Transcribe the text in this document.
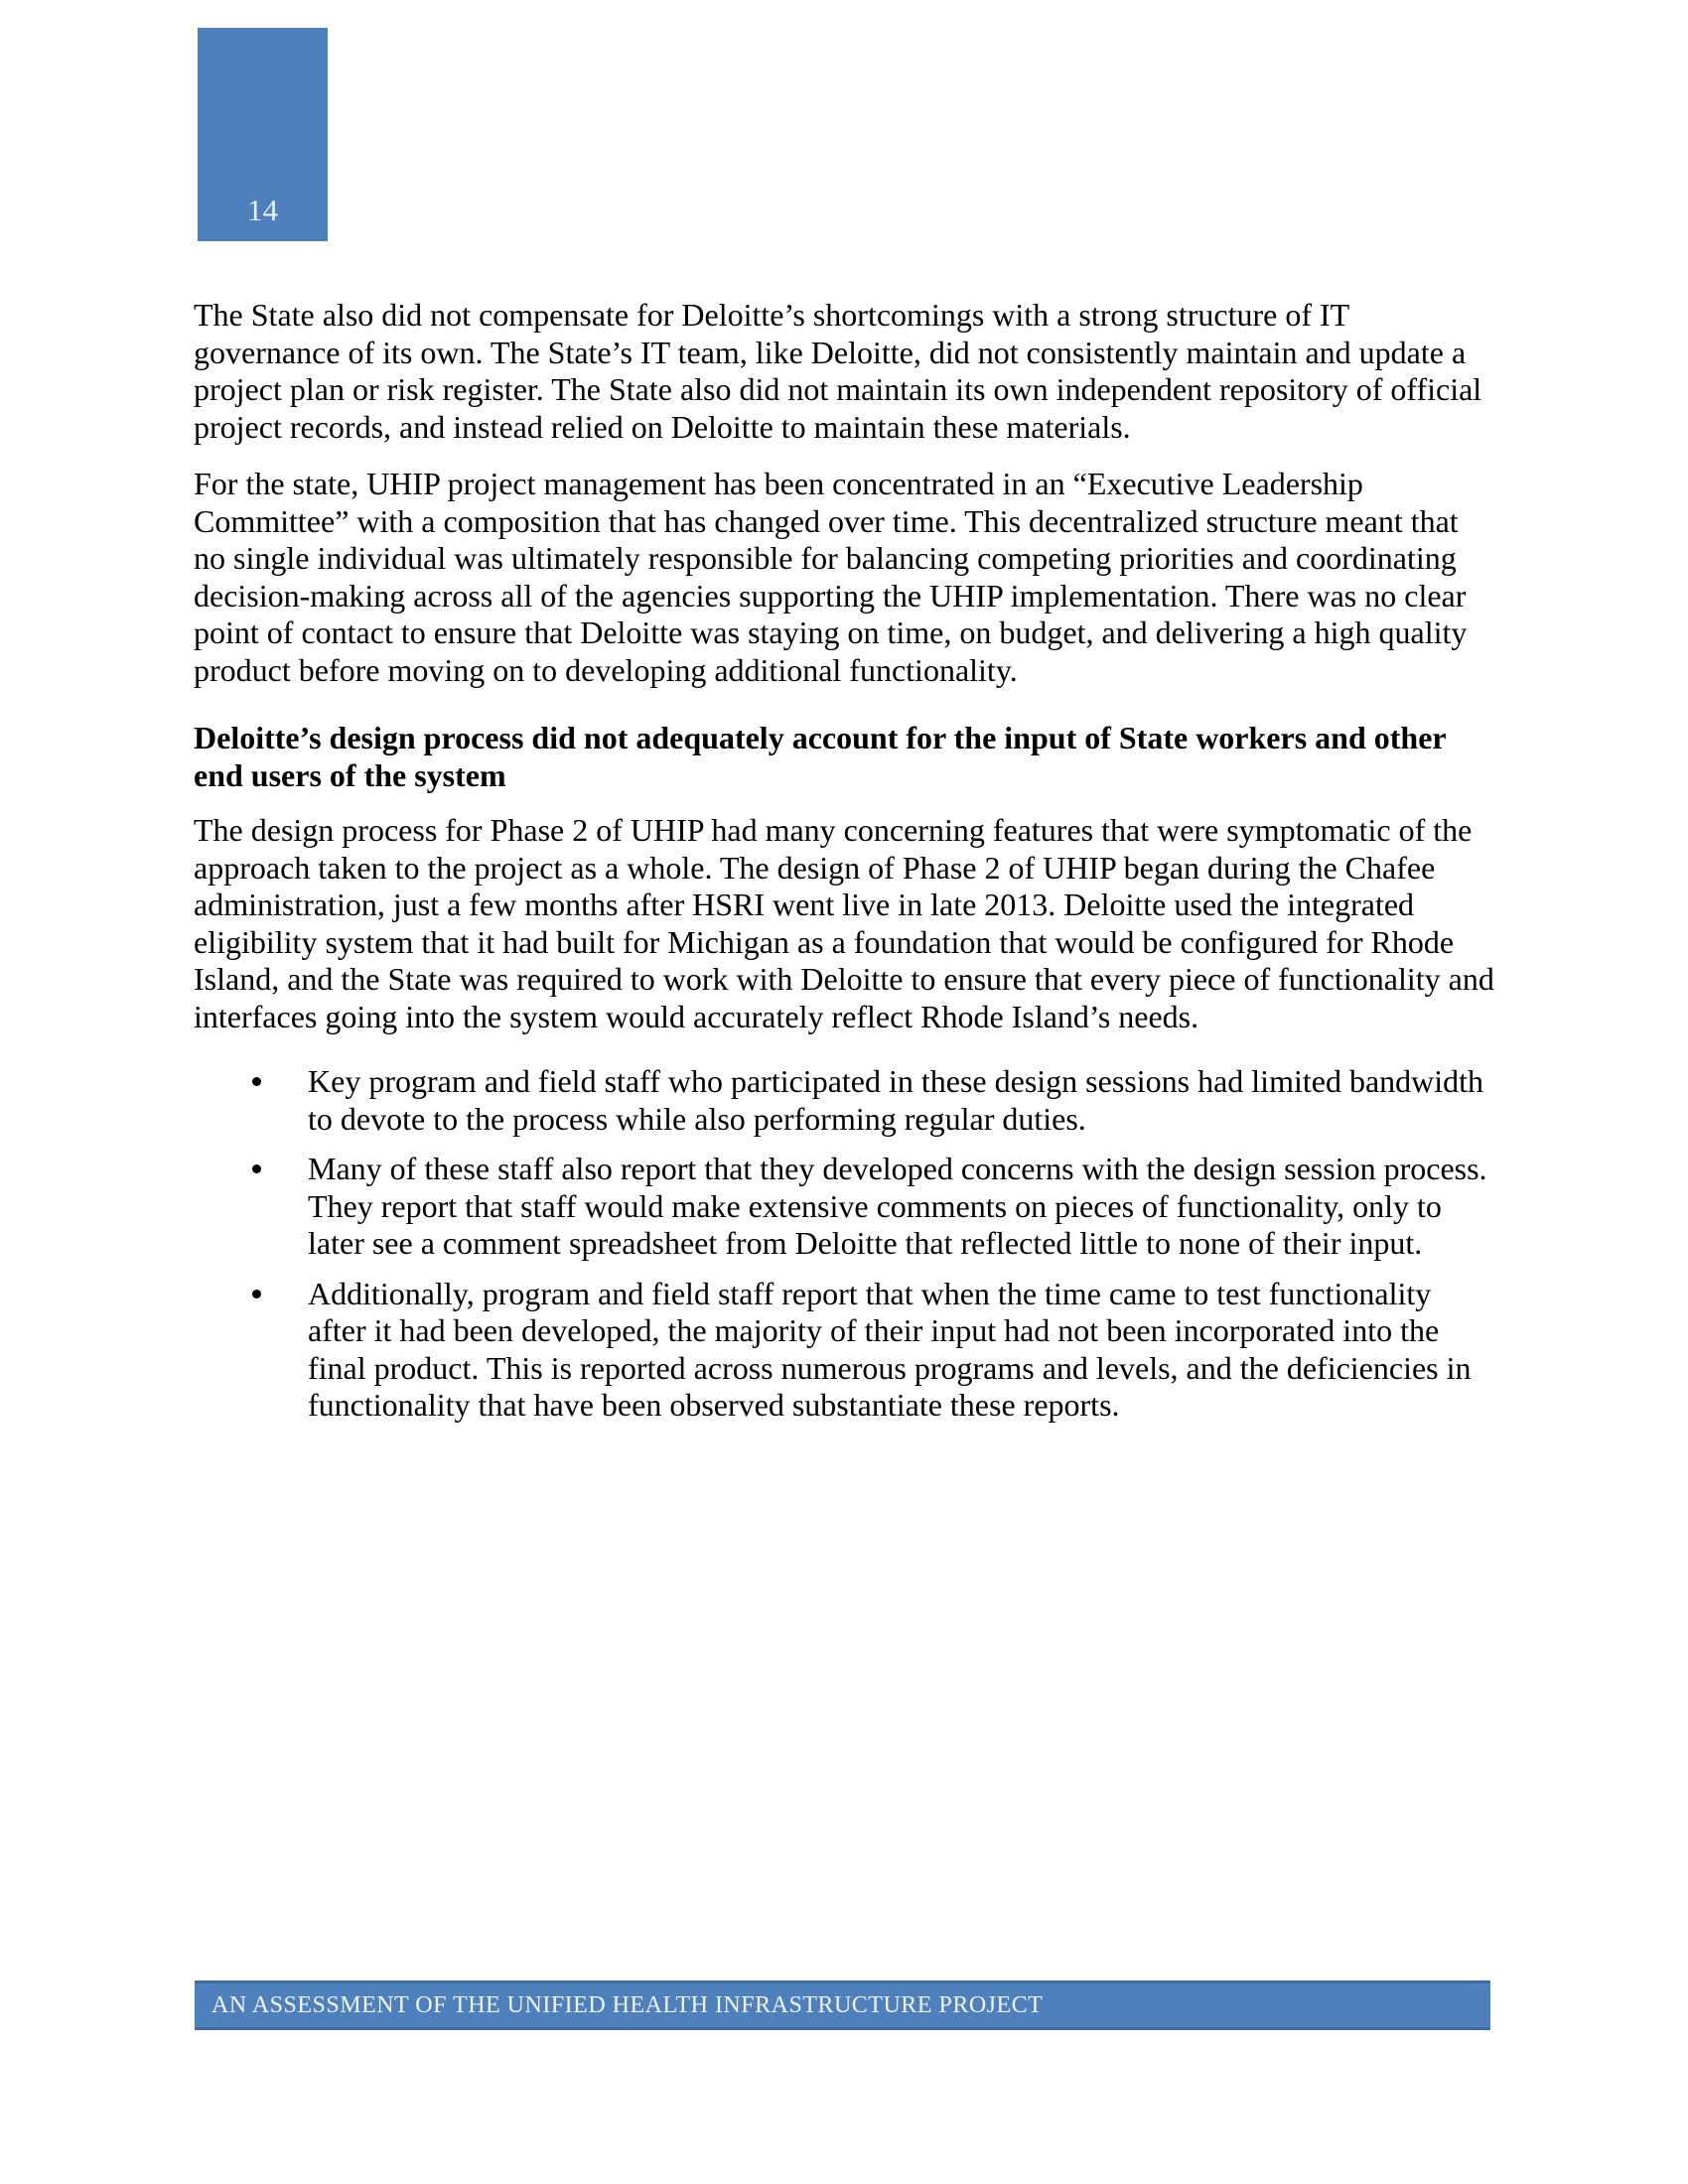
14

The State also did not compensate for Deloitte’s shortcomings with a strong structure of IT governance of its own. The State’s IT team, like Deloitte, did not consistently maintain and update a project plan or risk register. The State also did not maintain its own independent repository of official project records, and instead relied on Deloitte to maintain these materials.

For the state, UHIP project management has been concentrated in an “Executive Leadership Committee” with a composition that has changed over time. This decentralized structure meant that no single individual was ultimately responsible for balancing competing priorities and coordinating decision-making across all of the agencies supporting the UHIP implementation. There was no clear point of contact to ensure that Deloitte was staying on time, on budget, and delivering a high quality product before moving on to developing additional functionality.

Deloitte’s design process did not adequately account for the input of State workers and other end users of the system

The design process for Phase 2 of UHIP had many concerning features that were symptomatic of the approach taken to the project as a whole. The design of Phase 2 of UHIP began during the Chafee administration, just a few months after HSRI went live in late 2013. Deloitte used the integrated eligibility system that it had built for Michigan as a foundation that would be configured for Rhode Island, and the State was required to work with Deloitte to ensure that every piece of functionality and interfaces going into the system would accurately reflect Rhode Island’s needs.

Key program and field staff who participated in these design sessions had limited bandwidth to devote to the process while also performing regular duties.
Many of these staff also report that they developed concerns with the design session process. They report that staff would make extensive comments on pieces of functionality, only to later see a comment spreadsheet from Deloitte that reflected little to none of their input.
Additionally, program and field staff report that when the time came to test functionality after it had been developed, the majority of their input had not been incorporated into the final product. This is reported across numerous programs and levels, and the deficiencies in functionality that have been observed substantiate these reports.
AN ASSESSMENT OF THE UNIFIED HEALTH INFRASTRUCTURE PROJECT
